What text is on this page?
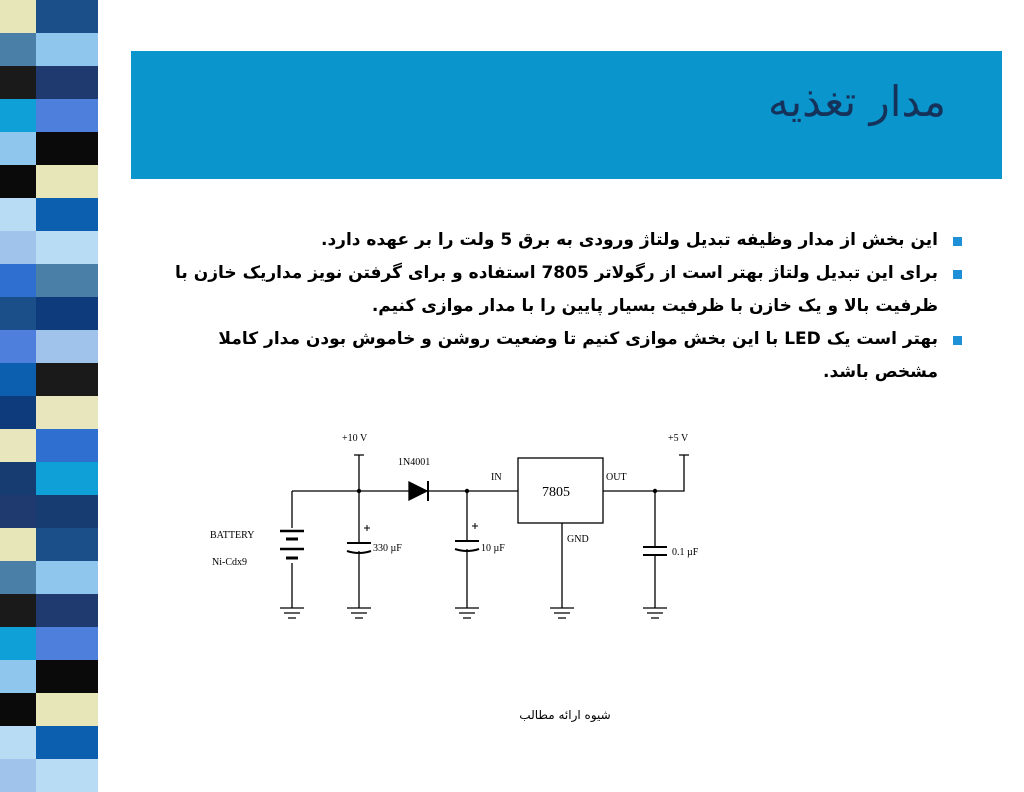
مدار تغذیه
این بخش از مدار وظیفه تبدیل ولتاژ ورودی به برق 5 ولت را بر عهده دارد.
برای این تبدیل ولتاژ بهتر است از رگولاتر 7805 استفاده و برای گرفتن نویز مداریک خازن با ظرفیت بالا و یک خازن با ظرفیت بسیار پایین را با مدار موازی کنیم.
بهتر است یک LED با این بخش موازی کنیم تا وضعیت روشن و خاموش بودن مدار کاملا مشخص باشد.
+10 V
1N4001
IN
7805
OUT
GND
+5 V
BATTERY
Ni-Cdx9
330 µF	10 µF	0.1 µF
شیوه ارائه مطالب
